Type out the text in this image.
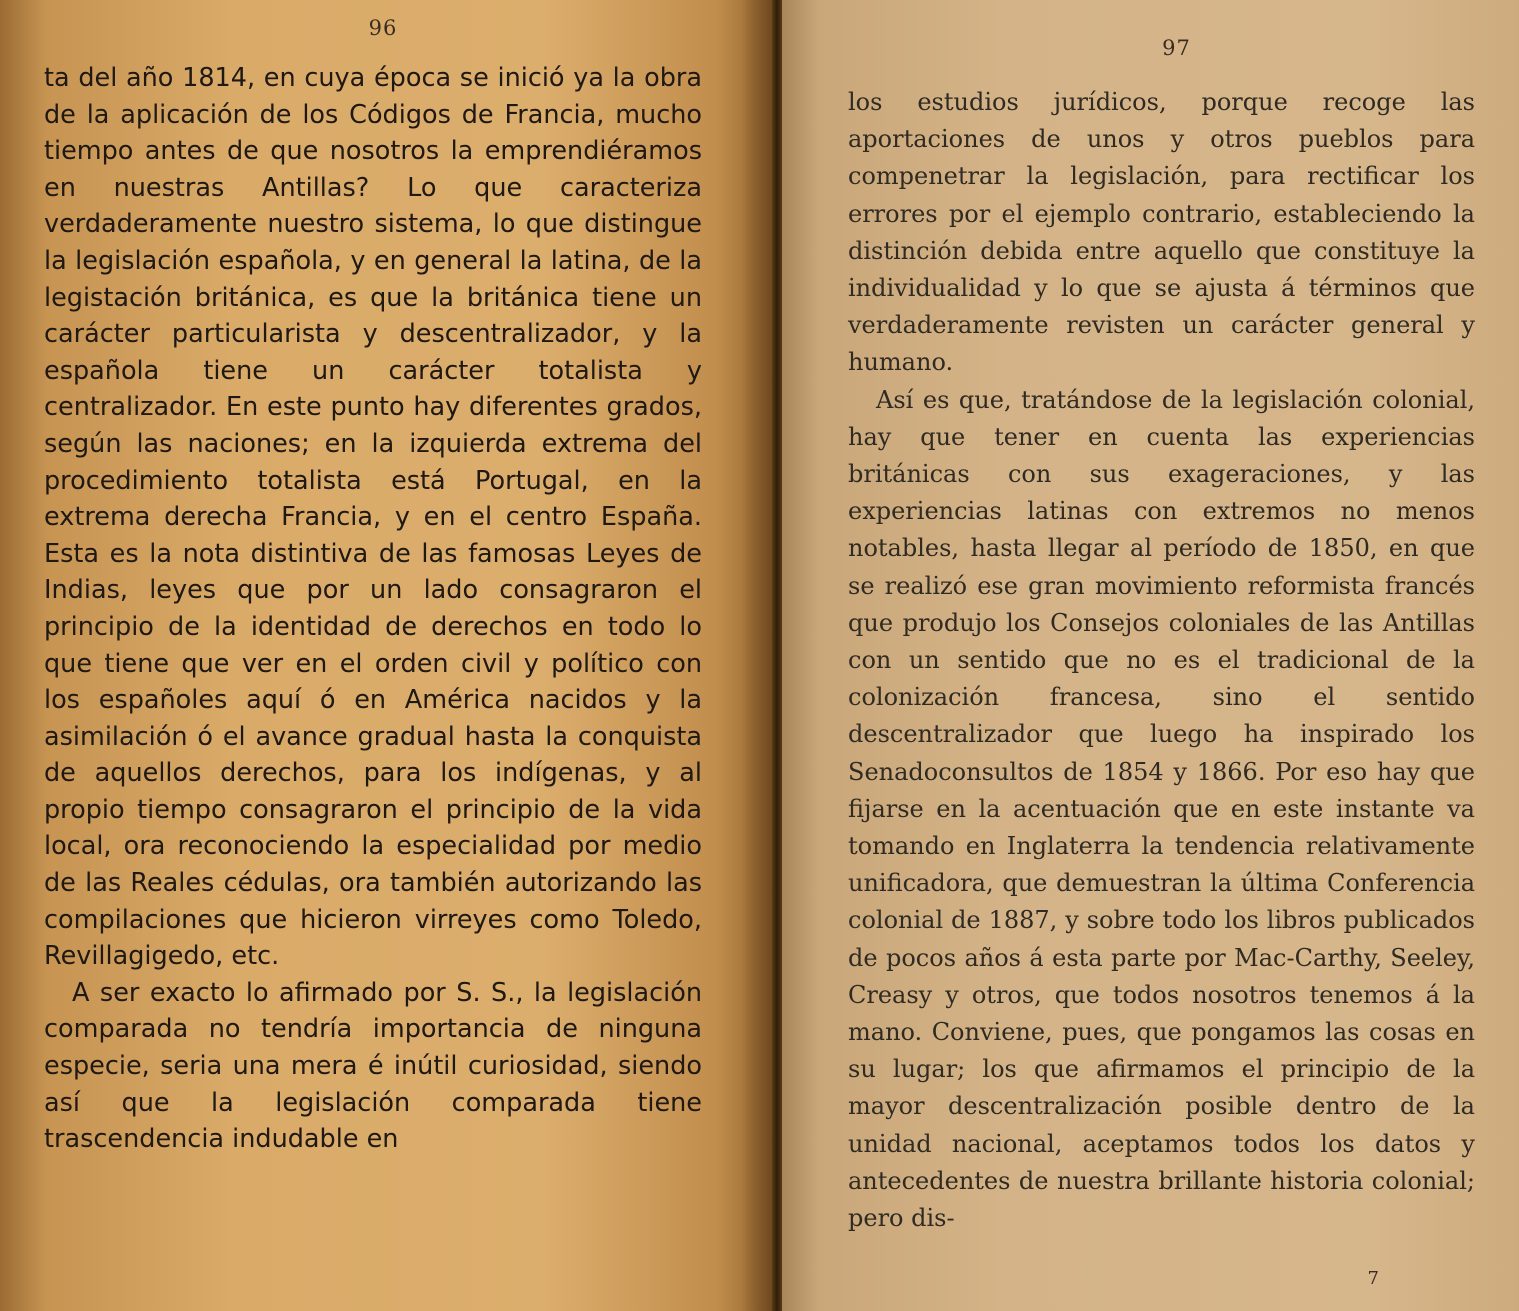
96

ta del año 1814, en cuya época se inició ya la obra de la aplicación de los Códigos de Francia, mucho tiempo antes de que nosotros la emprendiéramos en nuestras Antillas? Lo que caracteriza verdaderamente nuestro sistema, lo que distingue la legislación española, y en general la latina, de la legistación británica, es que la británica tiene un carácter particularista y descentralizador, y la española tiene un carácter totalista y centralizador. En este punto hay diferentes grados, según las naciones; en la izquierda extrema del procedimiento totalista está Portugal, en la extrema derecha Francia, y en el centro España. Esta es la nota distintiva de las famosas Leyes de Indias, leyes que por un lado consagraron el principio de la identidad de derechos en todo lo que tiene que ver en el orden civil y político con los españoles aquí ó en América nacidos y la asimilación ó el avance gradual hasta la conquista de aquellos derechos, para los indígenas, y al propio tiempo consagraron el principio de la vida local, ora reconociendo la especialidad por medio de las Reales cédulas, ora también autorizando las compilaciones que hicieron virreyes como Toledo, Revillagigedo, etc.

A ser exacto lo afirmado por S. S., la legislación comparada no tendría importancia de ninguna especie, seria una mera é inútil curiosidad, siendo así que la legislación comparada tiene trascendencia indudable en

97

los estudios jurídicos, porque recoge las aportaciones de unos y otros pueblos para compenetrar la legislación, para rectificar los errores por el ejemplo contrario, estableciendo la distinción debida entre aquello que constituye la individualidad y lo que se ajusta á términos que verdaderamente revisten un carácter general y humano.

Así es que, tratándose de la legislación colonial, hay que tener en cuenta las experiencias británicas con sus exageraciones, y las experiencias latinas con extremos no menos notables, hasta llegar al período de 1850, en que se realizó ese gran movimiento reformista francés que produjo los Consejos coloniales de las Antillas con un sentido que no es el tradicional de la colonización francesa, sino el sentido descentralizador que luego ha inspirado los Senadoconsultos de 1854 y 1866. Por eso hay que fijarse en la acentuación que en este instante va tomando en Inglaterra la tendencia relativamente unificadora, que demuestran la última Conferencia colonial de 1887, y sobre todo los libros publicados de pocos años á esta parte por Mac-Carthy, Seeley, Creasy y otros, que todos nosotros tenemos á la mano. Conviene, pues, que pongamos las cosas en su lugar; los que afirmamos el principio de la mayor descentralización posible dentro de la unidad nacional, aceptamos todos los datos y antecedentes de nuestra brillante historia colonial; pero dis-

7
